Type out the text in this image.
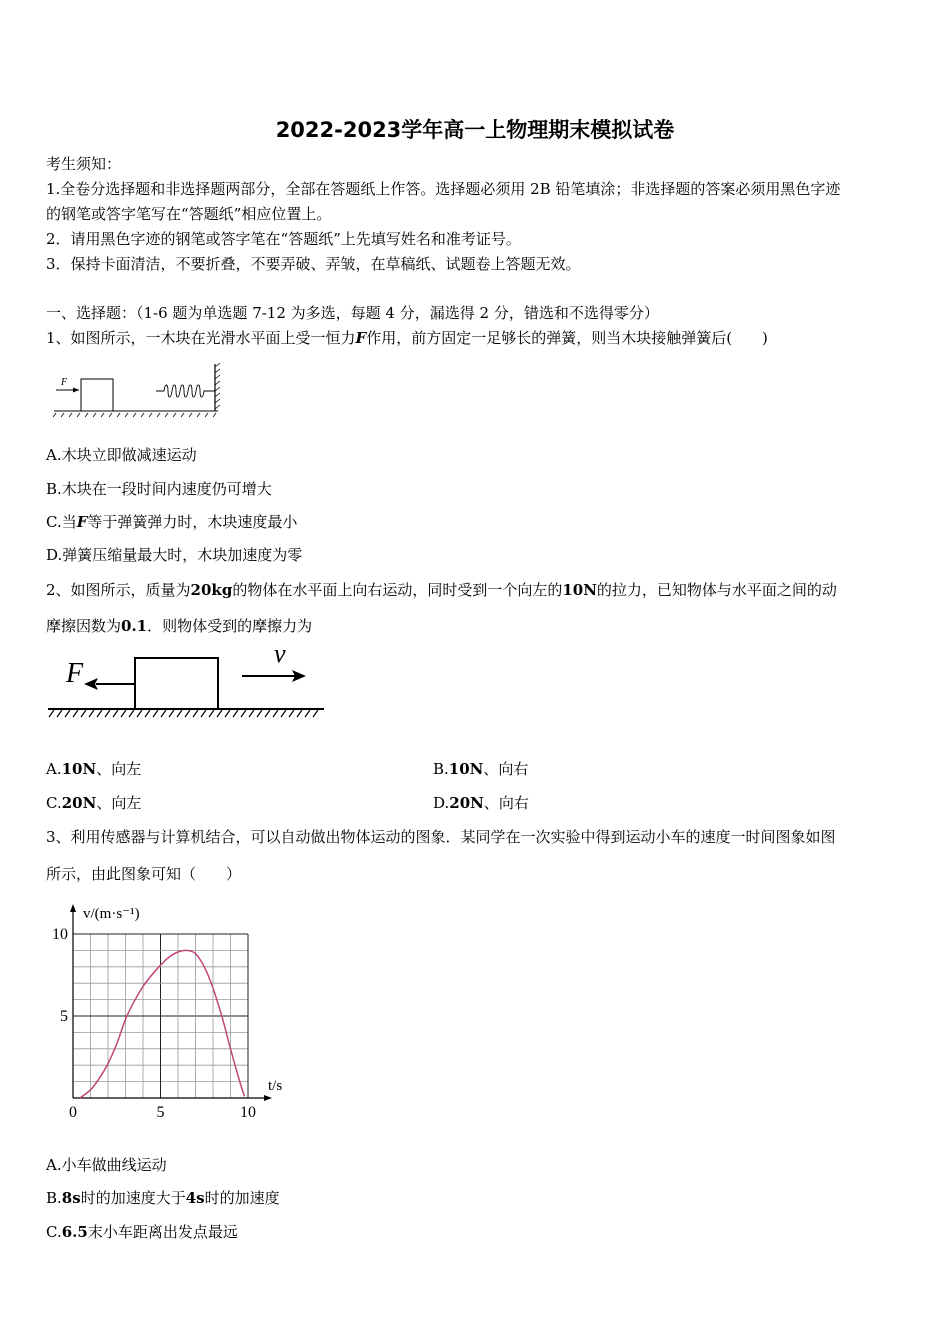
2022-2023学年高一上物理期末模拟试卷
考生须知：
1.全卷分选择题和非选择题两部分，全部在答题纸上作答。选择题必须用 2B 铅笔填涂；非选择题的答案必须用黑色字迹
的钢笔或答字笔写在“答题纸”相应位置上。
2．请用黑色字迹的钢笔或答字笔在“答题纸”上先填写姓名和准考证号。
3．保持卡面清洁，不要折叠，不要弄破、弄皱，在草稿纸、试题卷上答题无效。
一、选择题：（1-6 题为单选题 7-12 为多选，每题 4 分，漏选得 2 分，错选和不选得零分）
1、如图所示，一木块在光滑水平面上受一恒力F作用，前方固定一足够长的弹簧，则当木块接触弹簧后(　　)
F
A.木块立即做减速运动
B.木块在一段时间内速度仍可增大
C.当F等于弹簧弹力时，木块速度最小
D.弹簧压缩量最大时，木块加速度为零
2、如图所示，质量为20kg的物体在水平面上向右运动，同时受到一个向左的10N的拉力，已知物体与水平面之间的动
摩擦因数为0.1．则物体受到的摩擦力为
F
v
A.10N、向左	B.10N、向右
C.20N、向左	D.20N、向右
3、利用传感器与计算机结合，可以自动做出物体运动的图象．某同学在一次实验中得到运动小车的速度一时间图象如图
所示，由此图象可知（　　）
0	5	10
5
10
v/(m·s⁻¹)
t/s
A.小车做曲线运动
B.8s时的加速度大于4s时的加速度
C.6.5末小车距离出发点最远
